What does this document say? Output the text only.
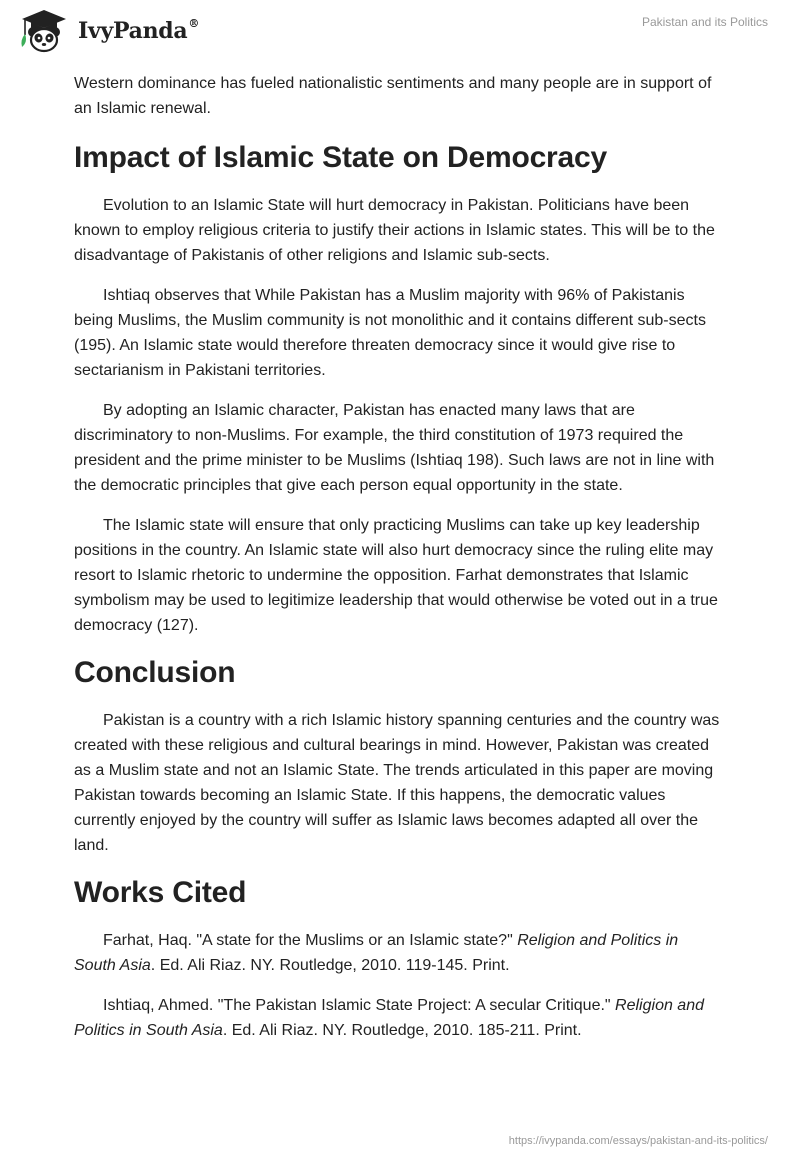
IvyPanda®	Pakistan and its Politics

Western dominance has fueled nationalistic sentiments and many people are in support of an Islamic renewal.

Impact of Islamic State on Democracy

Evolution to an Islamic State will hurt democracy in Pakistan. Politicians have been known to employ religious criteria to justify their actions in Islamic states. This will be to the disadvantage of Pakistanis of other religions and Islamic sub-sects.

Ishtiaq observes that While Pakistan has a Muslim majority with 96% of Pakistanis being Muslims, the Muslim community is not monolithic and it contains different sub-sects (195). An Islamic state would therefore threaten democracy since it would give rise to sectarianism in Pakistani territories.

By adopting an Islamic character, Pakistan has enacted many laws that are discriminatory to non-Muslims. For example, the third constitution of 1973 required the president and the prime minister to be Muslims (Ishtiaq 198). Such laws are not in line with the democratic principles that give each person equal opportunity in the state.

The Islamic state will ensure that only practicing Muslims can take up key leadership positions in the country. An Islamic state will also hurt democracy since the ruling elite may resort to Islamic rhetoric to undermine the opposition. Farhat demonstrates that Islamic symbolism may be used to legitimize leadership that would otherwise be voted out in a true democracy (127).

Conclusion

Pakistan is a country with a rich Islamic history spanning centuries and the country was created with these religious and cultural bearings in mind. However, Pakistan was created as a Muslim state and not an Islamic State. The trends articulated in this paper are moving Pakistan towards becoming an Islamic State. If this happens, the democratic values currently enjoyed by the country will suffer as Islamic laws becomes adapted all over the land.

Works Cited

Farhat, Haq. "A state for the Muslims or an Islamic state?" Religion and Politics in South Asia. Ed. Ali Riaz. NY. Routledge, 2010. 119-145. Print.

Ishtiaq, Ahmed. "The Pakistan Islamic State Project: A secular Critique." Religion and Politics in South Asia. Ed. Ali Riaz. NY. Routledge, 2010. 185-211. Print.

https://ivypanda.com/essays/pakistan-and-its-politics/
